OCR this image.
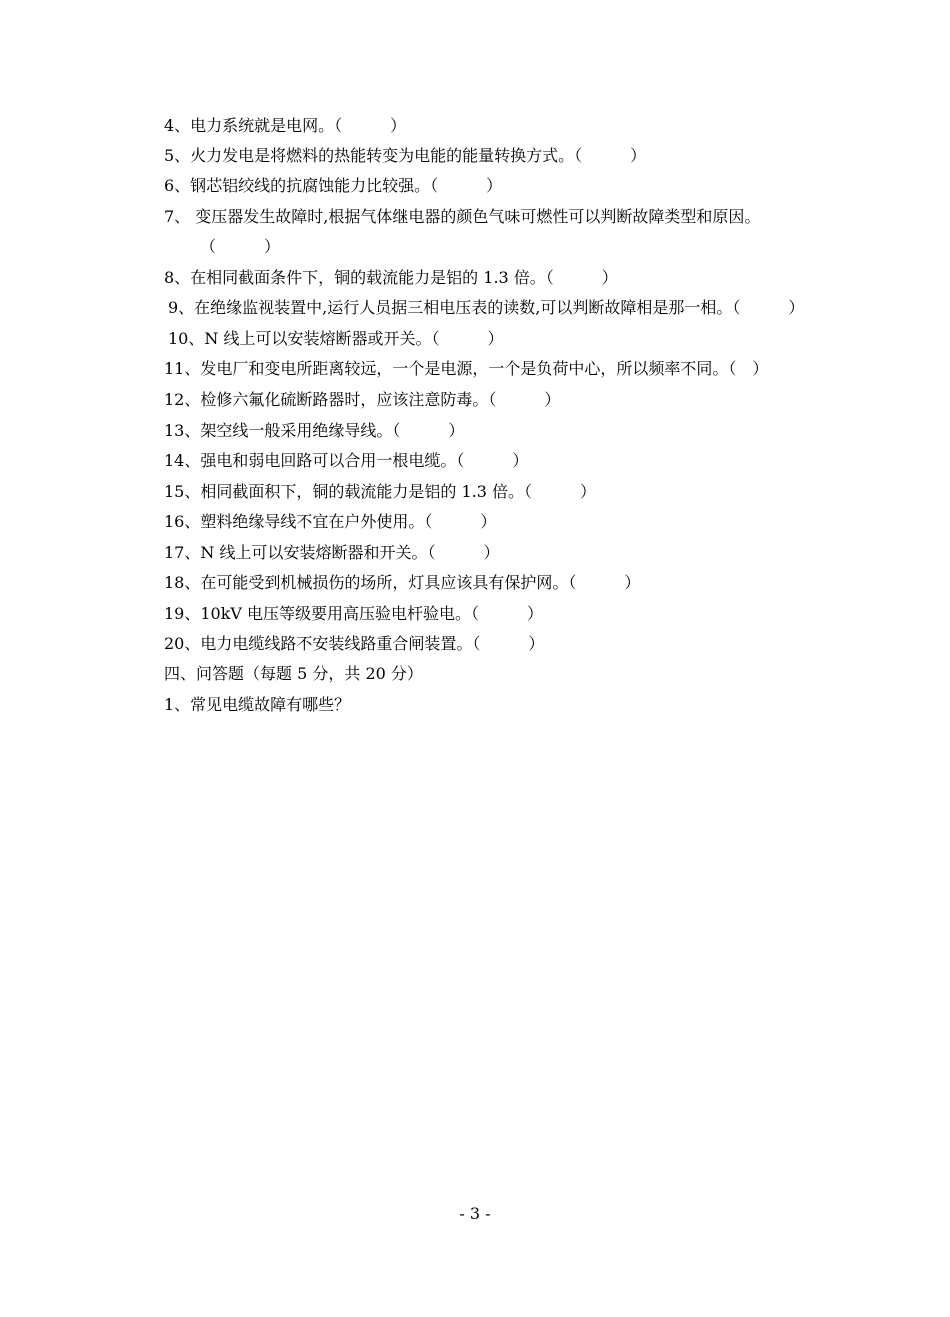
4、电力系统就是电网。（　　　）
5、火力发电是将燃料的热能转变为电能的能量转换方式。（　　　）
6、钢芯铝绞线的抗腐蚀能力比较强。（　　　）
7、 变压器发生故障时,根据气体继电器的颜色气味可燃性可以判断故障类型和原因。
（　　　）
8、在相同截面条件下，铜的载流能力是铝的 1.3 倍。（　　　）
9、在绝缘监视装置中,运行人员据三相电压表的读数,可以判断故障相是那一相。（　　　）
10、N 线上可以安装熔断器或开关。（　　　）
11、发电厂和变电所距离较远，一个是电源，一个是负荷中心，所以频率不同。（　）
12、检修六氟化硫断路器时，应该注意防毒。（　　　）
13、架空线一般采用绝缘导线。（　　　）
14、强电和弱电回路可以合用一根电缆。（　　　）
15、相同截面积下，铜的载流能力是铝的 1.3 倍。（　　　）
16、塑料绝缘导线不宜在户外使用。（　　　）
17、N 线上可以安装熔断器和开关。（　　　）
18、在可能受到机械损伤的场所，灯具应该具有保护网。（　　　）
19、10kV 电压等级要用高压验电杆验电。（　　　）
20、电力电缆线路不安装线路重合闸装置。（　　　）
四、问答题（每题 5 分，共 20 分）
1、常见电缆故障有哪些？
- 3 -
